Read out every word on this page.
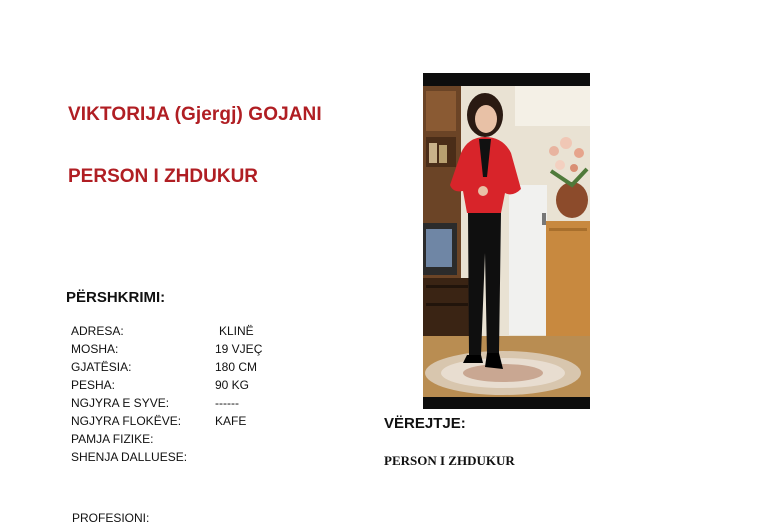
VIKTORIJA (Gjergj) GOJANI
PERSON I ZHDUKUR
PËRSHKRIMI:
ADRESA:	KLINË
MOSHA:	19 VJEÇ
GJATËSIA:	180 CM
PESHA:	90 KG
NGJYRA E SYVE:	------
NGJYRA FLOKËVE:	KAFE
PAMJA FIZIKE:
SHENJA DALLUESE:
PROFESIONI:
VËREJTJE:
PERSON I ZHDUKUR
